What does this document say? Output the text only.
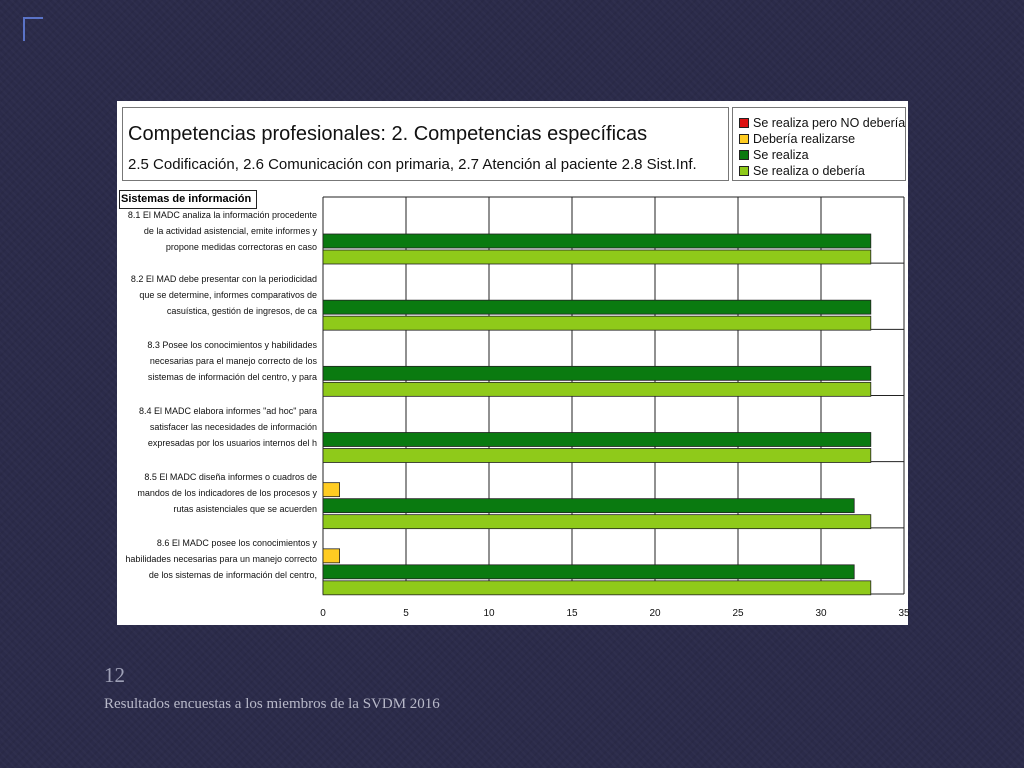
0	5	10	15	20	25	30	35
Competencias profesionales: 2. Competencias específicas
2.5 Codificación, 2.6 Comunicación con primaria, 2.7 Atención al paciente 2.8 Sist.Inf.
Se realiza pero NO debería
Debería realizarse
Se realiza
Se realiza o debería
Sistemas de información
8.1 El MADC analiza la información procedente de la actividad asistencial, emite informes y propone medidas correctoras en caso
8.2 El MAD debe presentar con la periodicidad que se determine, informes comparativos de casuística, gestión de ingresos, de ca
8.3 Posee los conocimientos y habilidades necesarias para el manejo correcto de los sistemas de información del centro, y para
8.4 El MADC elabora informes "ad hoc" para satisfacer las necesidades de información expresadas por los usuarios internos del h
8.5 El MADC diseña informes o cuadros de mandos de los indicadores de los procesos y rutas asistenciales que se acuerden
8.6 El MADC posee los conocimientos y habilidades necesarias para un manejo correcto de los sistemas de información del centro,
12
Resultados encuestas a los miembros de la SVDM 2016
